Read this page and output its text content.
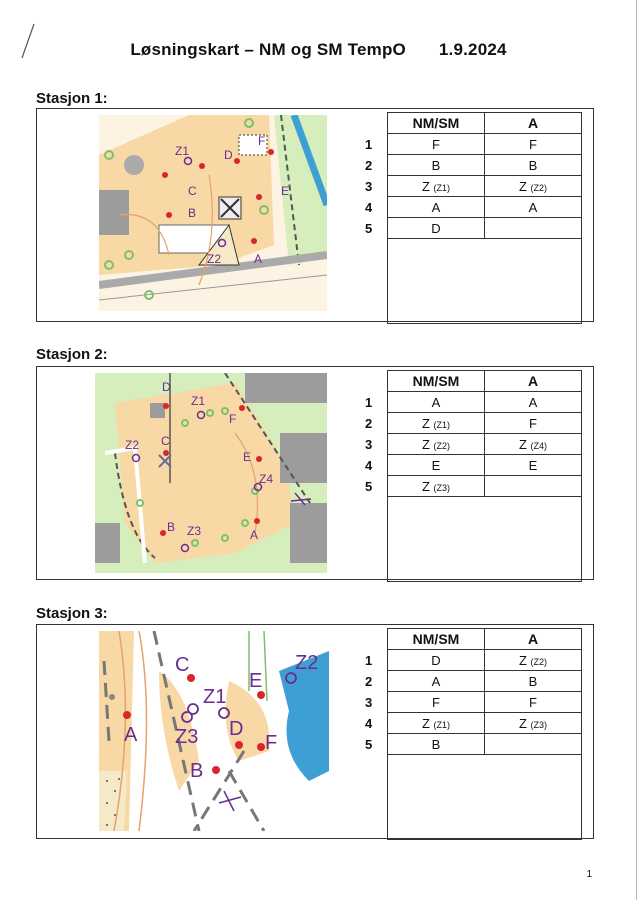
Løsningskart – NM og SM TempO 1.9.2024
Stasjon 1:
F
Z1	D
C	E
B
Z2	A
	NM/SM	A
1	F	F
2	B	B
3	Z (Z1)	Z (Z2)
4	A	A
5	D	

Stasjon 2:
D
Z1
F
Z2 C
E
Z4
B Z3	A
	NM/SM	A
1	A	A
2	Z (Z1)	F
3	Z (Z2)	Z (Z4)
4	E	E
5	Z (Z3)	

Stasjon 3:
C
E
Z2
Z1
A Z3 D
F
B
	NM/SM	A
1	D	Z (Z2)
2	A	B
3	F	F
4	Z (Z1)	Z (Z3)
5	B	

1
